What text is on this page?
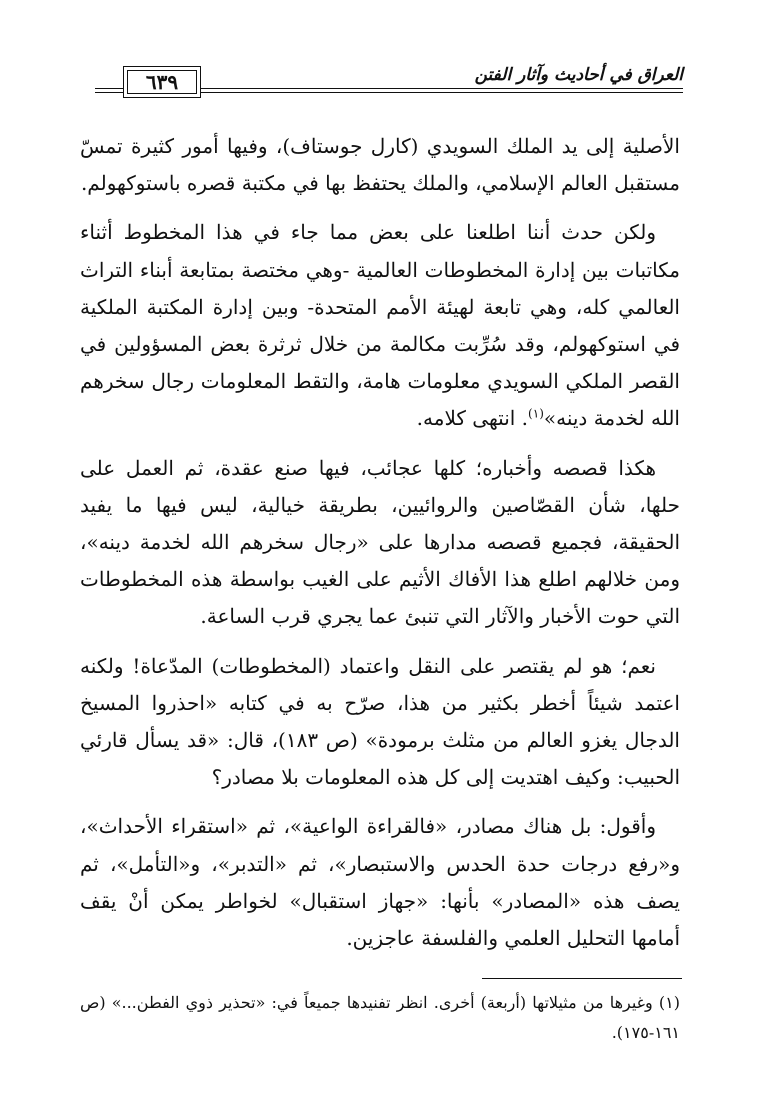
العراق في أحاديث وآثار الفتن
٦٣٩

الأصلية إلى يد الملك السويدي (كارل جوستاف)، وفيها أمور كثيرة تمسّ مستقبل العالم الإسلامي، والملك يحتفظ بها في مكتبة قصره باستوكهولم.

ولكن حدث أننا اطلعنا على بعض مما جاء في هذا المخطوط أثناء مكاتبات بين إدارة المخطوطات العالمية -وهي مختصة بمتابعة أبناء التراث العالمي كله، وهي تابعة لهيئة الأمم المتحدة- وبين إدارة المكتبة الملكية في استوكهولم، وقد سُرِّبت مكالمة من خلال ثرثرة بعض المسؤولين في القصر الملكي السويدي معلومات هامة، والتقط المعلومات رجال سخرهم الله لخدمة دينه»$^{(١)}$. انتهى كلامه.

هكذا قصصه وأخباره؛ كلها عجائب، فيها صنع عقدة، ثم العمل على حلها، شأن القصّاصين والروائيين، بطريقة خيالية، ليس فيها ما يفيد الحقيقة، فجميع قصصه مدارها على «رجال سخرهم الله لخدمة دينه»، ومن خلالهم اطلع هذا الأفاك الأثيم على الغيب بواسطة هذه المخطوطات التي حوت الأخبار والآثار التي تنبئ عما يجري قرب الساعة.

نعم؛ هو لم يقتصر على النقل واعتماد (المخطوطات) المدّعاة! ولكنه اعتمد شيئاً أخطر بكثير من هذا، صرّح به في كتابه «احذروا المسيخ الدجال يغزو العالم من مثلث برمودة» (ص ١٨٣)، قال: «قد يسأل قارئي الحبيب: وكيف اهتديت إلى كل هذه المعلومات بلا مصادر؟

وأقول: بل هناك مصادر، «فالقراءة الواعية»، ثم «استقراء الأحداث»، و«رفع درجات حدة الحدس والاستبصار»، ثم «التدبر»، و«التأمل»، ثم يصف هذه «المصادر» بأنها: «جهاز استقبال» لخواطر يمكن أنْ يقف أمامها التحليل العلمي والفلسفة عاجزين.

(١) وغيرها من مثيلاتها (أربعة) أخرى. انظر تفنيدها جميعاً في: «تحذير ذوي الفطن...» (ص ١٦١-١٧٥).
